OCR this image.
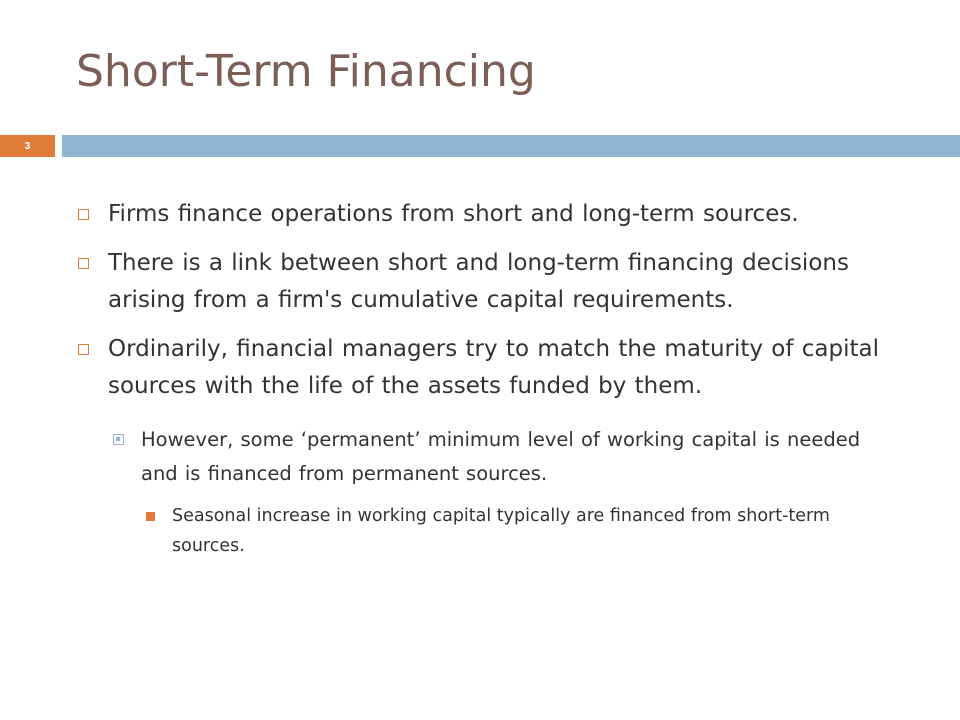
Short-Term Financing
3
Firms finance operations from short and long-term sources.
There is a link between short and long-term financing decisions arising from a firm's cumulative capital requirements.
Ordinarily, financial managers try to match the maturity of capital sources with the life of the assets funded by them.
However, some ‘permanent’ minimum level of working capital is needed and is financed from permanent sources.
Seasonal increase in working capital typically are financed from short-term sources.
